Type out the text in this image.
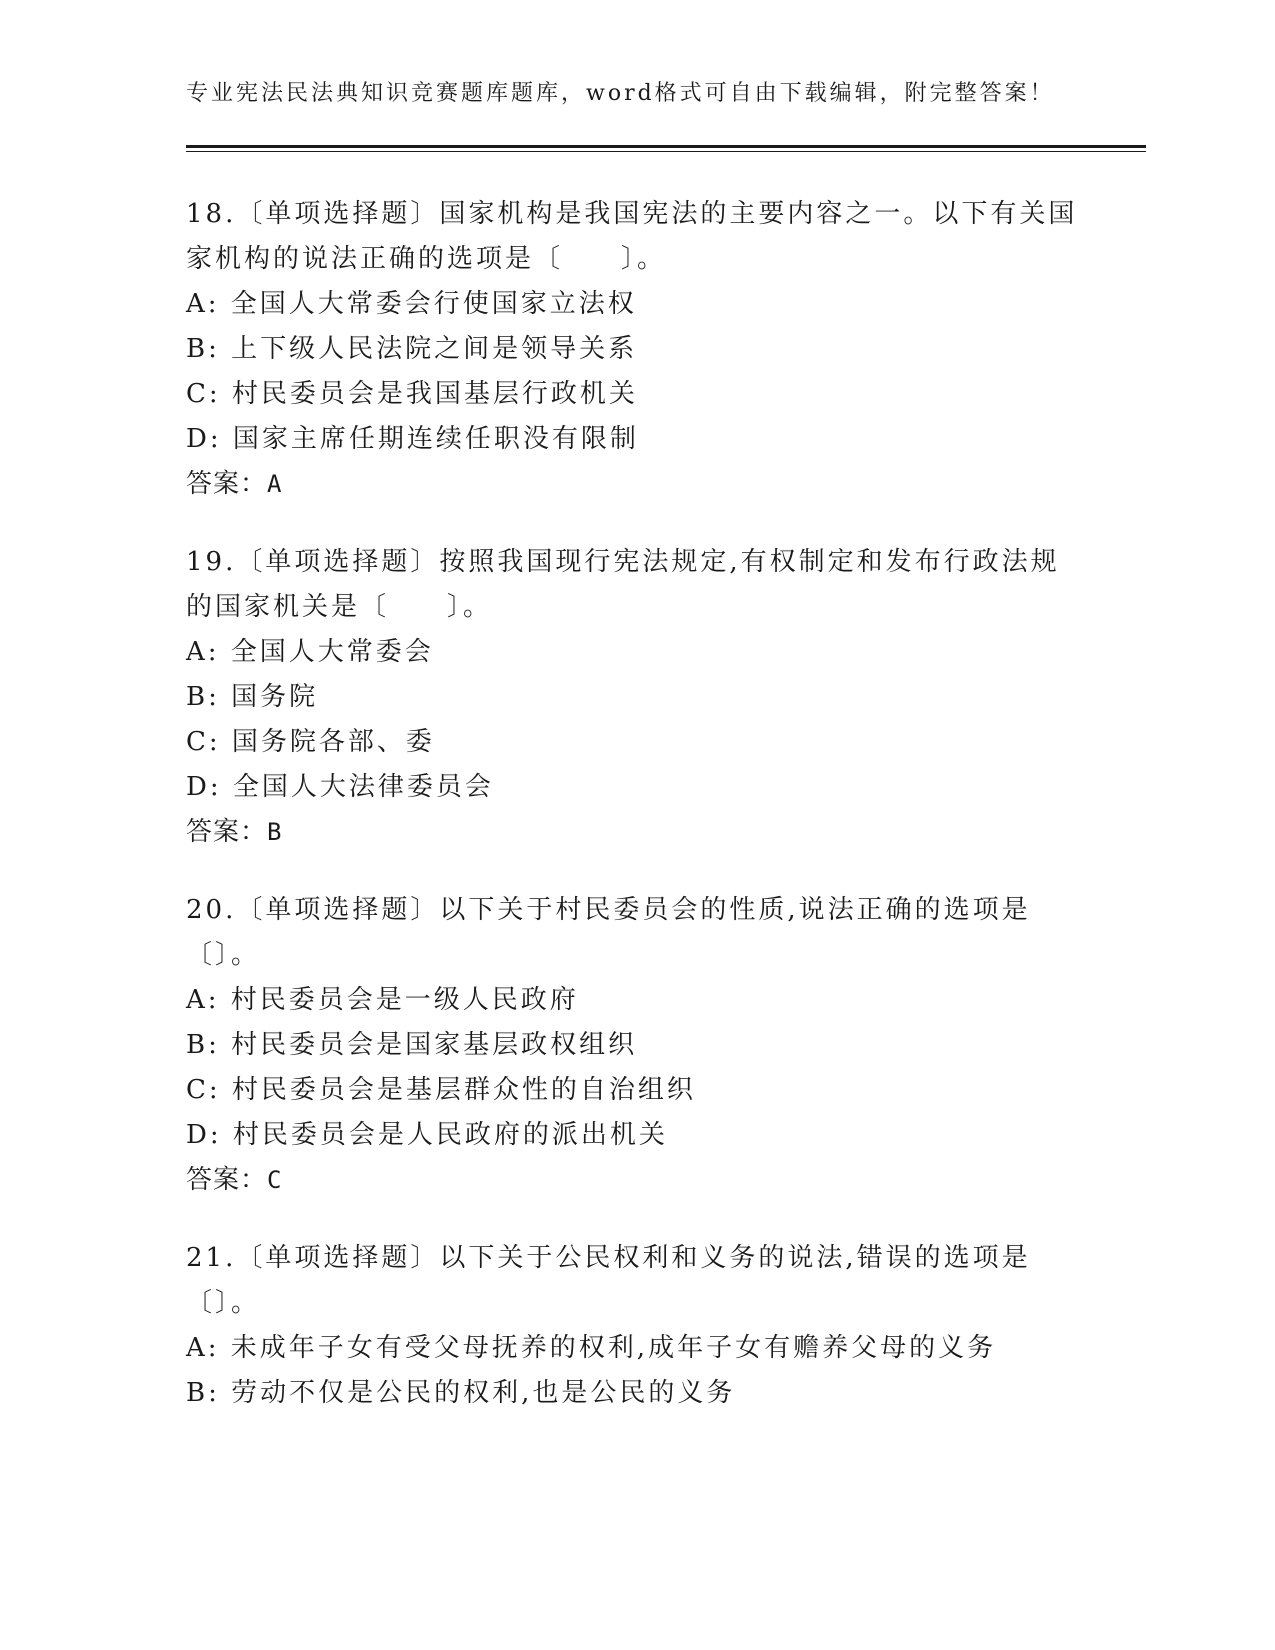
专业宪法民法典知识竞赛题库题库，word格式可自由下载编辑，附完整答案！

18.〔单项选择题〕国家机构是我国宪法的主要内容之一。以下有关国家机构的说法正确的选项是〔　　〕。

A: 全国人大常委会行使国家立法权
B: 上下级人民法院之间是领导关系
C: 村民委员会是我国基层行政机关
D: 国家主席任期连续任职没有限制
答案：A

19.〔单项选择题〕按照我国现行宪法规定,有权制定和发布行政法规的国家机关是〔　　〕。

A: 全国人大常委会
B: 国务院
C: 国务院各部、委
D: 全国人大法律委员会
答案：B

20.〔单项选择题〕以下关于村民委员会的性质,说法正确的选项是〔〕。

A: 村民委员会是一级人民政府
B: 村民委员会是国家基层政权组织
C: 村民委员会是基层群众性的自治组织
D: 村民委员会是人民政府的派出机关
答案：C

21.〔单项选择题〕以下关于公民权利和义务的说法,错误的选项是〔〕。

A: 未成年子女有受父母抚养的权利,成年子女有赡养父母的义务
B: 劳动不仅是公民的权利,也是公民的义务
